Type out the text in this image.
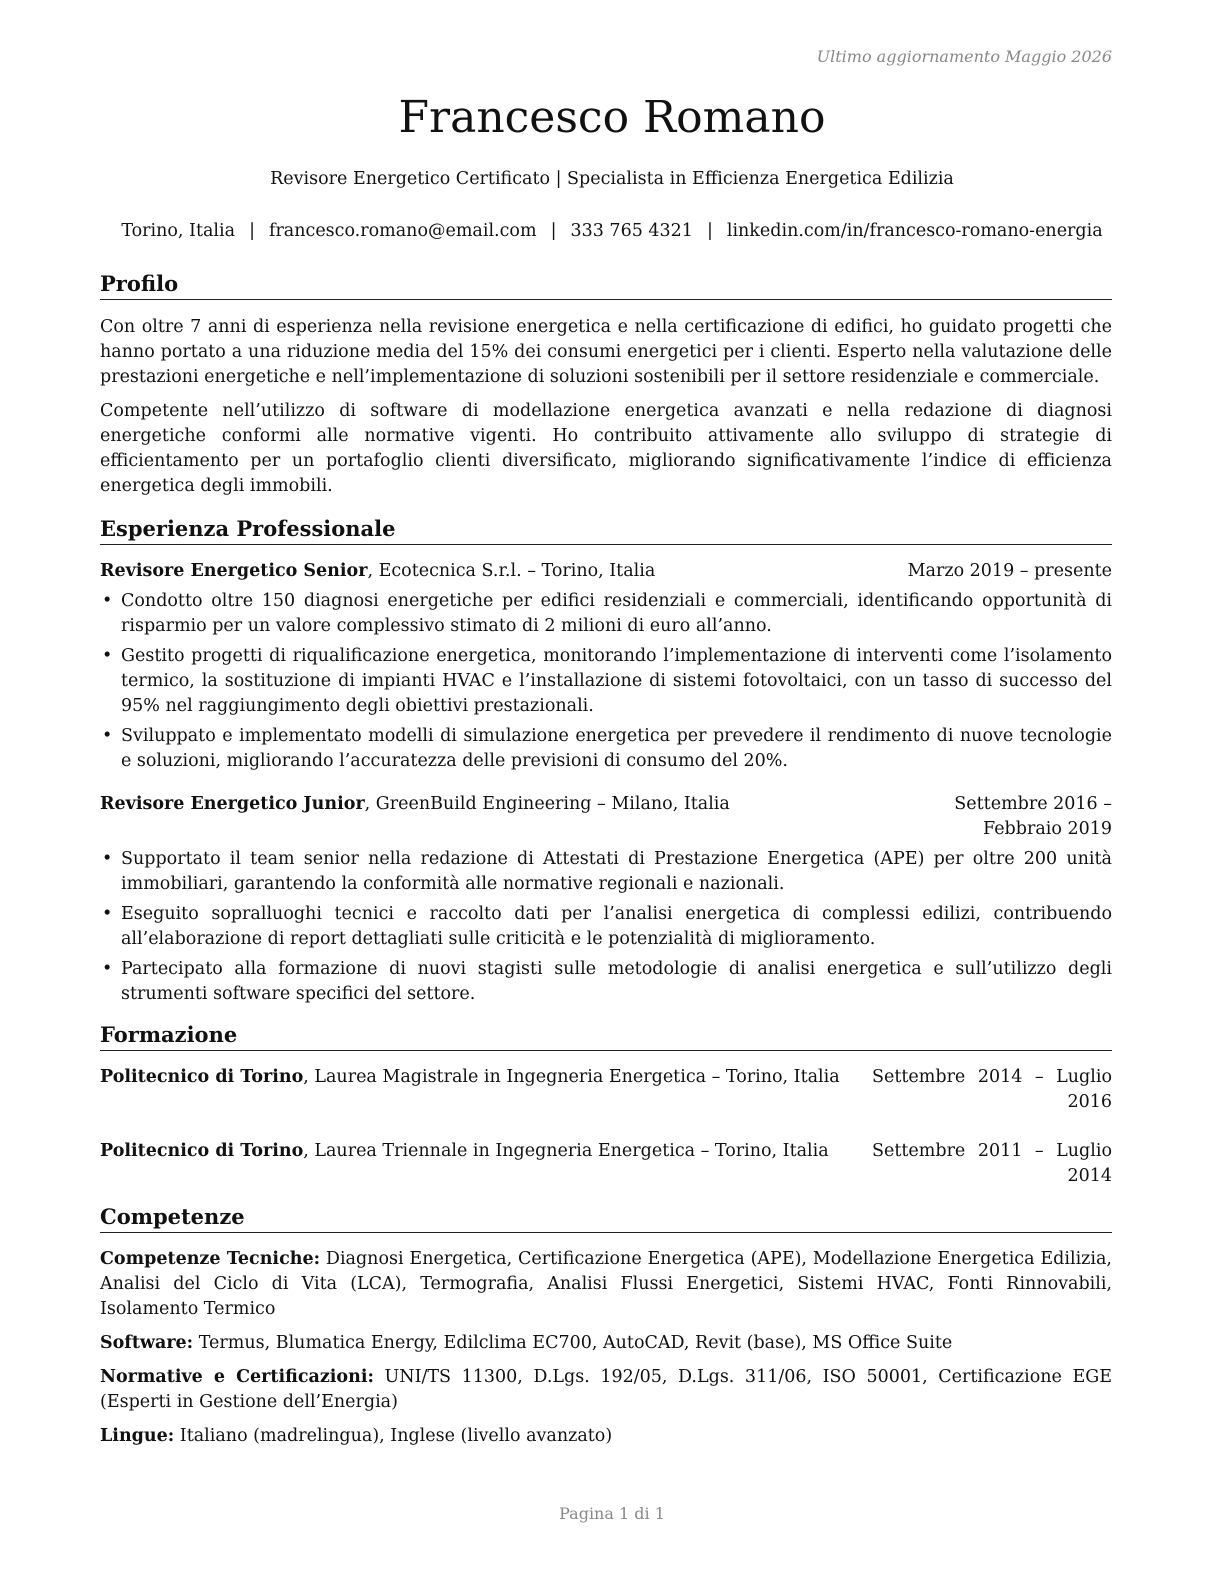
Ultimo aggiornamento Maggio 2026
Francesco Romano
Revisore Energetico Certificato | Specialista in Efficienza Energetica Edilizia
Torino, Italia | francesco.romano@email.com | 333 765 4321 | linkedin.com/in/francesco-romano-energia
Profilo

Con oltre 7 anni di esperienza nella revisione energetica e nella certificazione di edifici, ho guidato progetti che hanno portato a una riduzione media del 15% dei consumi energetici per i clienti. Esperto nella valutazione delle prestazioni energetiche e nell’implementazione di soluzioni sostenibili per il settore residenziale e commerciale.

Competente nell’utilizzo di software di modellazione energetica avanzati e nella redazione di diagnosi energetiche conformi alle normative vigenti. Ho contribuito attivamente allo sviluppo di strategie di efficientamento per un portafoglio clienti diversificato, migliorando significativamente l’indice di efficienza energetica degli immobili.

Esperienza Professionale
Revisore Energetico Senior, Ecotecnica S.r.l. – Torino, Italia	Marzo 2019 – presente
• Condotto oltre 150 diagnosi energetiche per edifici residenziali e commerciali, identificando opportunità di risparmio per un valore complessivo stimato di 2 milioni di euro all’anno.
• Gestito progetti di riqualificazione energetica, monitorando l’implementazione di interventi come l’isolamento termico, la sostituzione di impianti HVAC e l’installazione di sistemi fotovoltaici, con un tasso di successo del 95% nel raggiungimento degli obiettivi prestazionali.
• Sviluppato e implementato modelli di simulazione energetica per prevedere il rendimento di nuove tecnologie e soluzioni, migliorando l’accuratezza delle previsioni di consumo del 20%.
Revisore Energetico Junior, GreenBuild Engineering – Milano, Italia	Settembre 2016 – Febbraio 2019
• Supportato il team senior nella redazione di Attestati di Prestazione Energetica (APE) per oltre 200 unità immobiliari, garantendo la conformità alle normative regionali e nazionali.
• Eseguito sopralluoghi tecnici e raccolto dati per l’analisi energetica di complessi edilizi, contribuendo all’elaborazione di report dettagliati sulle criticità e le potenzialità di miglioramento.
• Partecipato alla formazione di nuovi stagisti sulle metodologie di analisi energetica e sull’utilizzo degli strumenti software specifici del settore.
Formazione
Politecnico di Torino, Laurea Magistrale in Ingegneria Energetica – Torino, Italia	Settembre 2014 – Luglio 2016
Politecnico di Torino, Laurea Triennale in Ingegneria Energetica – Torino, Italia	Settembre 2011 – Luglio 2014
Competenze

Competenze Tecniche: Diagnosi Energetica, Certificazione Energetica (APE), Modellazione Energetica Edilizia, Analisi del Ciclo di Vita (LCA), Termografia, Analisi Flussi Energetici, Sistemi HVAC, Fonti Rinnovabili, Isolamento Termico

Software: Termus, Blumatica Energy, Edilclima EC700, AutoCAD, Revit (base), MS Office Suite

Normative e Certificazioni: UNI/TS 11300, D.Lgs. 192/05, D.Lgs. 311/06, ISO 50001, Certificazione EGE (Esperti in Gestione dell’Energia)

Lingue: Italiano (madrelingua), Inglese (livello avanzato)

Pagina 1 di 1
